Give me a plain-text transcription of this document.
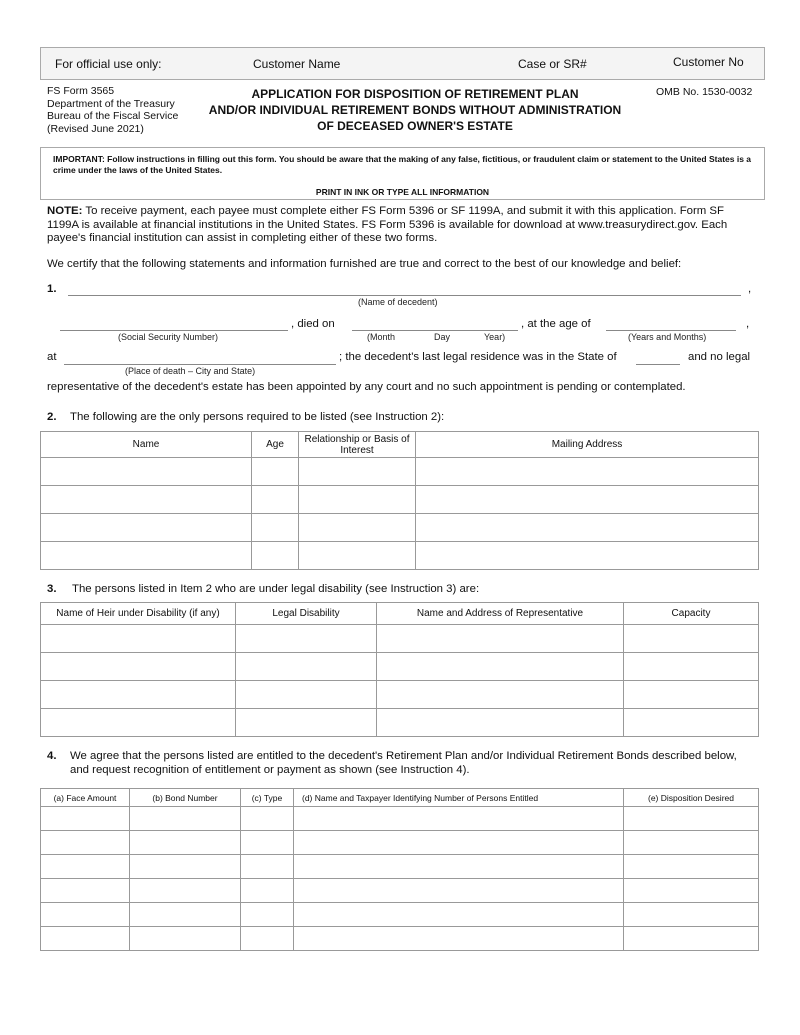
For official use only:	Customer Name	Case or SR#	Customer No
FS Form 3565
Department of the Treasury
Bureau of the Fiscal Service
(Revised June 2021)
APPLICATION FOR DISPOSITION OF RETIREMENT PLAN
AND/OR INDIVIDUAL RETIREMENT BONDS WITHOUT ADMINISTRATION
OF DECEASED OWNER'S ESTATE
OMB No. 1530-0032
IMPORTANT: Follow instructions in filling out this form. You should be aware that the making of any false, fictitious, or fraudulent claim or statement to the United States is a crime under the laws of the United States.
PRINT IN INK OR TYPE ALL INFORMATION
NOTE: To receive payment, each payee must complete either FS Form 5396 or SF 1199A, and submit it with this application. Form SF 1199A is available at financial institutions in the United States. FS Form 5396 is available for download at www.treasurydirect.gov. Each payee's financial institution can assist in completing either of these two forms.
We certify that the following statements and information furnished are true and correct to the best of our knowledge and belief:
1.	,
(Name of decedent)
(Social Security Number)
, died on
(Month	Day	Year)
, at the age of
(Years and Months)
,
at
(Place of death – City and State)
; the decedent's last legal residence was in the State of	and no legal
representative of the decedent's estate has been appointed by any court and no such appointment is pending or contemplated.
2. The following are the only persons required to be listed (see Instruction 2):
Name	Age	Relationship or Basis of Interest	Mailing Address

3. The persons listed in Item 2 who are under legal disability (see Instruction 3) are:
Name of Heir under Disability (if any)	Legal Disability	Name and Address of Representative	Capacity

4. We agree that the persons listed are entitled to the decedent's Retirement Plan and/or Individual Retirement Bonds described below, and request recognition of entitlement or payment as shown (see Instruction 4).
(a) Face Amount	(b) Bond Number	(c) Type	(d) Name and Taxpayer Identifying Number of Persons Entitled	(e) Disposition Desired
